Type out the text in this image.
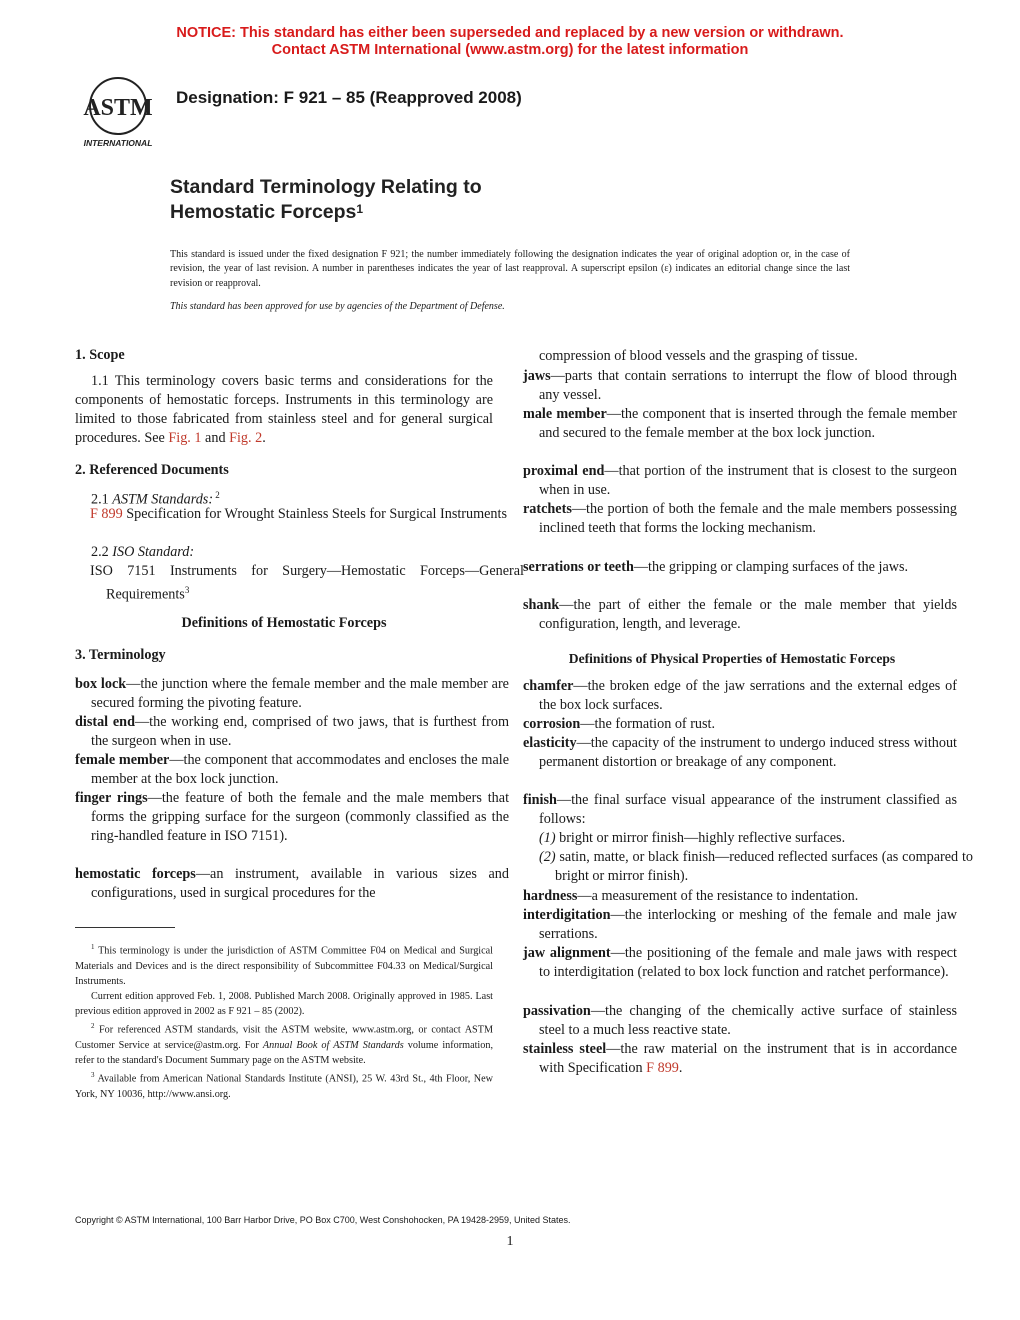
NOTICE: This standard has either been superseded and replaced by a new version or withdrawn.
Contact ASTM International (www.astm.org) for the latest information
ASTM
INTERNATIONAL
Designation: F 921 – 85 (Reapproved 2008)
Standard Terminology Relating to
Hemostatic Forceps$^1$
This standard is issued under the fixed designation F 921; the number immediately following the designation indicates the year of original adoption or, in the case of revision, the year of last revision. A number in parentheses indicates the year of last reapproval. A superscript epsilon (ε) indicates an editorial change since the last revision or reapproval.
This standard has been approved for use by agencies of the Department of Defense.
1. Scope
1.1 This terminology covers basic terms and considerations for the components of hemostatic forceps. Instruments in this terminology are limited to those fabricated from stainless steel and for general surgical procedures. See Fig. 1 and Fig. 2.
2. Referenced Documents
2.1 ASTM Standards: $^2$
F 899 Specification for Wrought Stainless Steels for Surgical Instruments
2.2 ISO Standard:
ISO 7151 Instruments for Surgery—Hemostatic Forceps—General Requirements$^3$
Definitions of Hemostatic Forceps
3. Terminology
box lock—the junction where the female member and the male member are secured forming the pivoting feature.
distal end—the working end, comprised of two jaws, that is furthest from the surgeon when in use.
female member—the component that accommodates and encloses the male member at the box lock junction.
finger rings—the feature of both the female and the male members that forms the gripping surface for the surgeon (commonly classified as the ring-handled feature in ISO 7151).
hemostatic forceps—an instrument, available in various sizes and configurations, used in surgical procedures for the
$^1$ This terminology is under the jurisdiction of ASTM Committee F04 on Medical and Surgical Materials and Devices and is the direct responsibility of Subcommittee F04.33 on Medical/Surgical Instruments.
Current edition approved Feb. 1, 2008. Published March 2008. Originally approved in 1985. Last previous edition approved in 2002 as F 921 – 85 (2002).
$^2$ For referenced ASTM standards, visit the ASTM website, www.astm.org, or contact ASTM Customer Service at service@astm.org. For Annual Book of ASTM Standards volume information, refer to the standard's Document Summary page on the ASTM website.
$^3$ Available from American National Standards Institute (ANSI), 25 W. 43rd St., 4th Floor, New York, NY 10036, http://www.ansi.org.
compression of blood vessels and the grasping of tissue.
jaws—parts that contain serrations to interrupt the flow of blood through any vessel.
male member—the component that is inserted through the female member and secured to the female member at the box lock junction.
proximal end—that portion of the instrument that is closest to the surgeon when in use.
ratchets—the portion of both the female and the male members possessing inclined teeth that forms the locking mechanism.
serrations or teeth—the gripping or clamping surfaces of the jaws.
shank—the part of either the female or the male member that yields configuration, length, and leverage.
Definitions of Physical Properties of Hemostatic Forceps
chamfer—the broken edge of the jaw serrations and the external edges of the box lock surfaces.
corrosion—the formation of rust.
elasticity—the capacity of the instrument to undergo induced stress without permanent distortion or breakage of any component.
finish—the final surface visual appearance of the instrument classified as follows:
(1) bright or mirror finish—highly reflective surfaces.
(2) satin, matte, or black finish—reduced reflected surfaces (as compared to bright or mirror finish).
hardness—a measurement of the resistance to indentation.
interdigitation—the interlocking or meshing of the female and male jaw serrations.
jaw alignment—the positioning of the female and male jaws with respect to interdigitation (related to box lock function and ratchet performance).
passivation—the changing of the chemically active surface of stainless steel to a much less reactive state.
stainless steel—the raw material on the instrument that is in accordance with Specification F 899.
Copyright © ASTM International, 100 Barr Harbor Drive, PO Box C700, West Conshohocken, PA 19428-2959, United States.
1
